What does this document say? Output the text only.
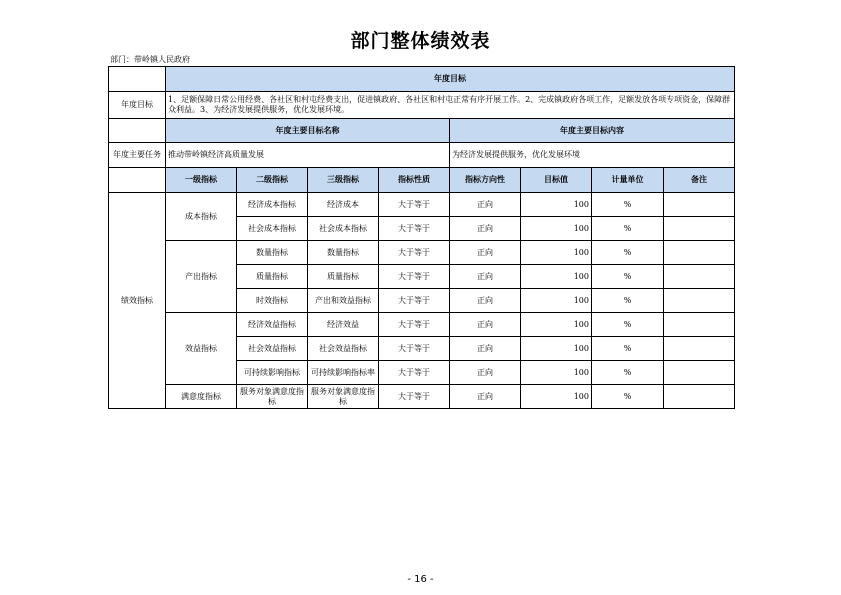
部门整体绩效表
部门：带岭镇人民政府
	年度目标							
年度目标	1、足额保障日常公用经费、各社区和村屯经费支出，促进镇政府、各社区和村屯正常有序开展工作。2、完成镇政府各项工作，足额发放各项专项资金，保障群众利益。3、为经济发展提供服务，优化发展环境。							
	年度主要目标名称				年度主要目标内容			
年度主要任务	推动带岭镇经济高质量发展				为经济发展提供服务，优化发展环境			
	一级指标	二级指标	三级指标	指标性质	指标方向性	目标值	计量单位	备注
绩效指标	成本指标	经济成本指标	经济成本	大于等于	正向	100	%	
		社会成本指标	社会成本指标	大于等于	正向	100	%	
	产出指标	数量指标	数量指标	大于等于	正向	100	%	
		质量指标	质量指标	大于等于	正向	100	%	
		时效指标	产出和效益指标	大于等于	正向	100	%	
	效益指标	经济效益指标	经济效益	大于等于	正向	100	%	
		社会效益指标	社会效益指标	大于等于	正向	100	%	
		可持续影响指标	可持续影响指标率	大于等于	正向	100	%	
	满意度指标	服务对象满意度指标	服务对象满意度指标	大于等于	正向	100	%	
- 16 -
